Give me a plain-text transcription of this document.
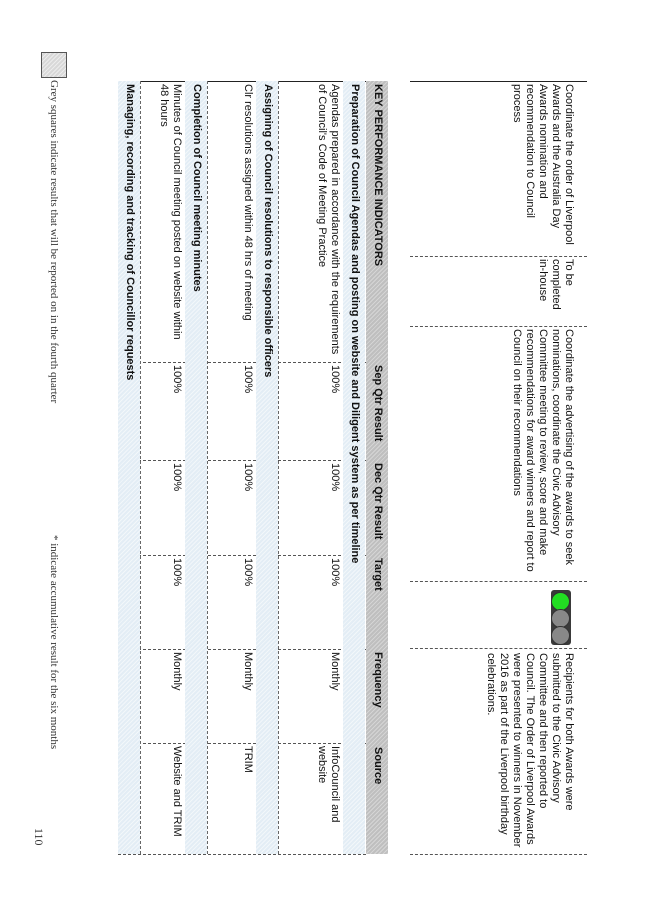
Coordinate the order of Liverpool Awards and the Australia Day Awards nomination and recommendation to Council process
To be completed in-house
Coordinate the advertising of the awards to seek nominations, coordinate the Civic Advisory Committee meeting to review, score and make recommendations for award winners and report to Council on their recommendations
Recipients for both Awards were submitted to the Civic Advisory Committee and then reported to Council. The Order of Liverpool Awards were presented to winners in November 2016 as part of the Liverpool birthday celebrations.
KEY PERFORMANCE INDICATORS
Sep Qtr Result
Dec Qtr Result
Target
Frequency
Source
Preparation of Council Agendas and posting on website and Diligent system as per timeline
Agendas prepared in accordance with the requirements of Council's Code of Meeting Practice
100%
100%
100%
Monthly
InfoCouncil and website
Assigning of Council resolutions to responsible officers
Clr resolutions assigned within 48 hrs of meeting
100%
100%
100%
Monthly
TRIM
Completion of Council meeting minutes
Minutes of Council meeting posted on website within 48 hours
100%
100%
100%
Monthly
Website and TRIM
Managing, recording and tracking of Councillor requests
Grey squares indicate results that will be reported on in the fourth quarter
* indicate accumulative result for the six months
110
